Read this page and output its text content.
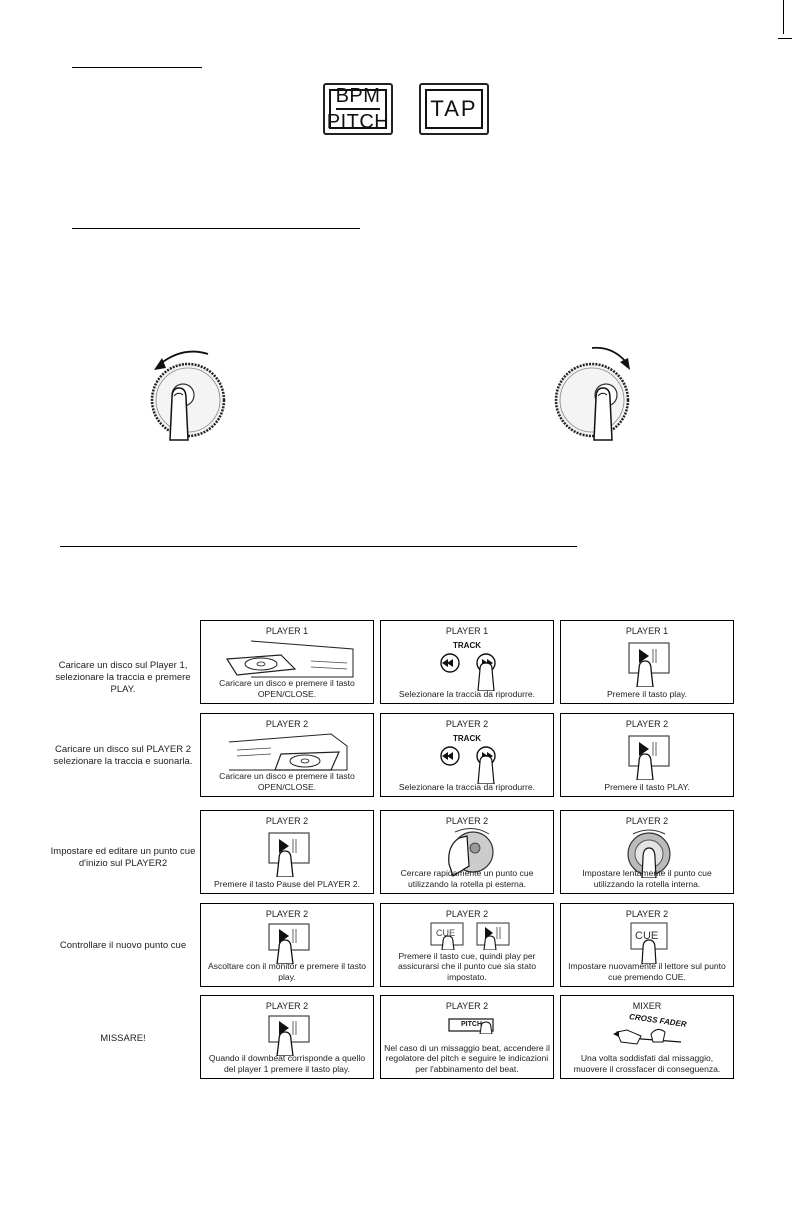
BPM
PITCH
TAP
Caricare un disco sul Player 1, selezionare la traccia e premere PLAY.
PLAYER 1
Caricare un disco e premere il tasto OPEN/CLOSE.
PLAYER 1
TRACK
Selezionare la traccia da riprodurre.
PLAYER 1
Premere il tasto play.
Caricare un disco sul PLAYER 2 selezionare la traccia e suonarla.
PLAYER 2
Caricare un disco e premere il tasto OPEN/CLOSE.
PLAYER 2
TRACK
Selezionare la traccia da riprodurre.
PLAYER 2
Premere il tasto PLAY.
Impostare ed editare un punto cue d'inizio sul PLAYER2
PLAYER 2
Premere il tasto Pause del PLAYER 2.
PLAYER 2
Cercare rapidamente un punto cue utilizzando la rotella pi esterna.
PLAYER 2
Impostare lentamente il punto cue utilizzando la rotella interna.
Controllare il nuovo punto cue
PLAYER 2
Ascoltare con il monitor e premere il tasto play.
PLAYER 2
CUE
Premere il tasto cue, quindi play per assicurarsi che il punto cue sia stato impostato.
PLAYER 2
CUE
Impostare nuovamente il lettore sul punto cue premendo CUE.
MISSARE!
PLAYER 2
Quando il downbeat corrisponde a quello del player 1 premere il tasto play.
PLAYER 2
PITCH
Nel caso di un missaggio beat, accendere il regolatore del pitch e seguire le indicazioni per l'abbinamento del beat.
MIXER
CROSS FADER
Una volta soddisfati dal missaggio, muovere il crossfacer di conseguenza.
